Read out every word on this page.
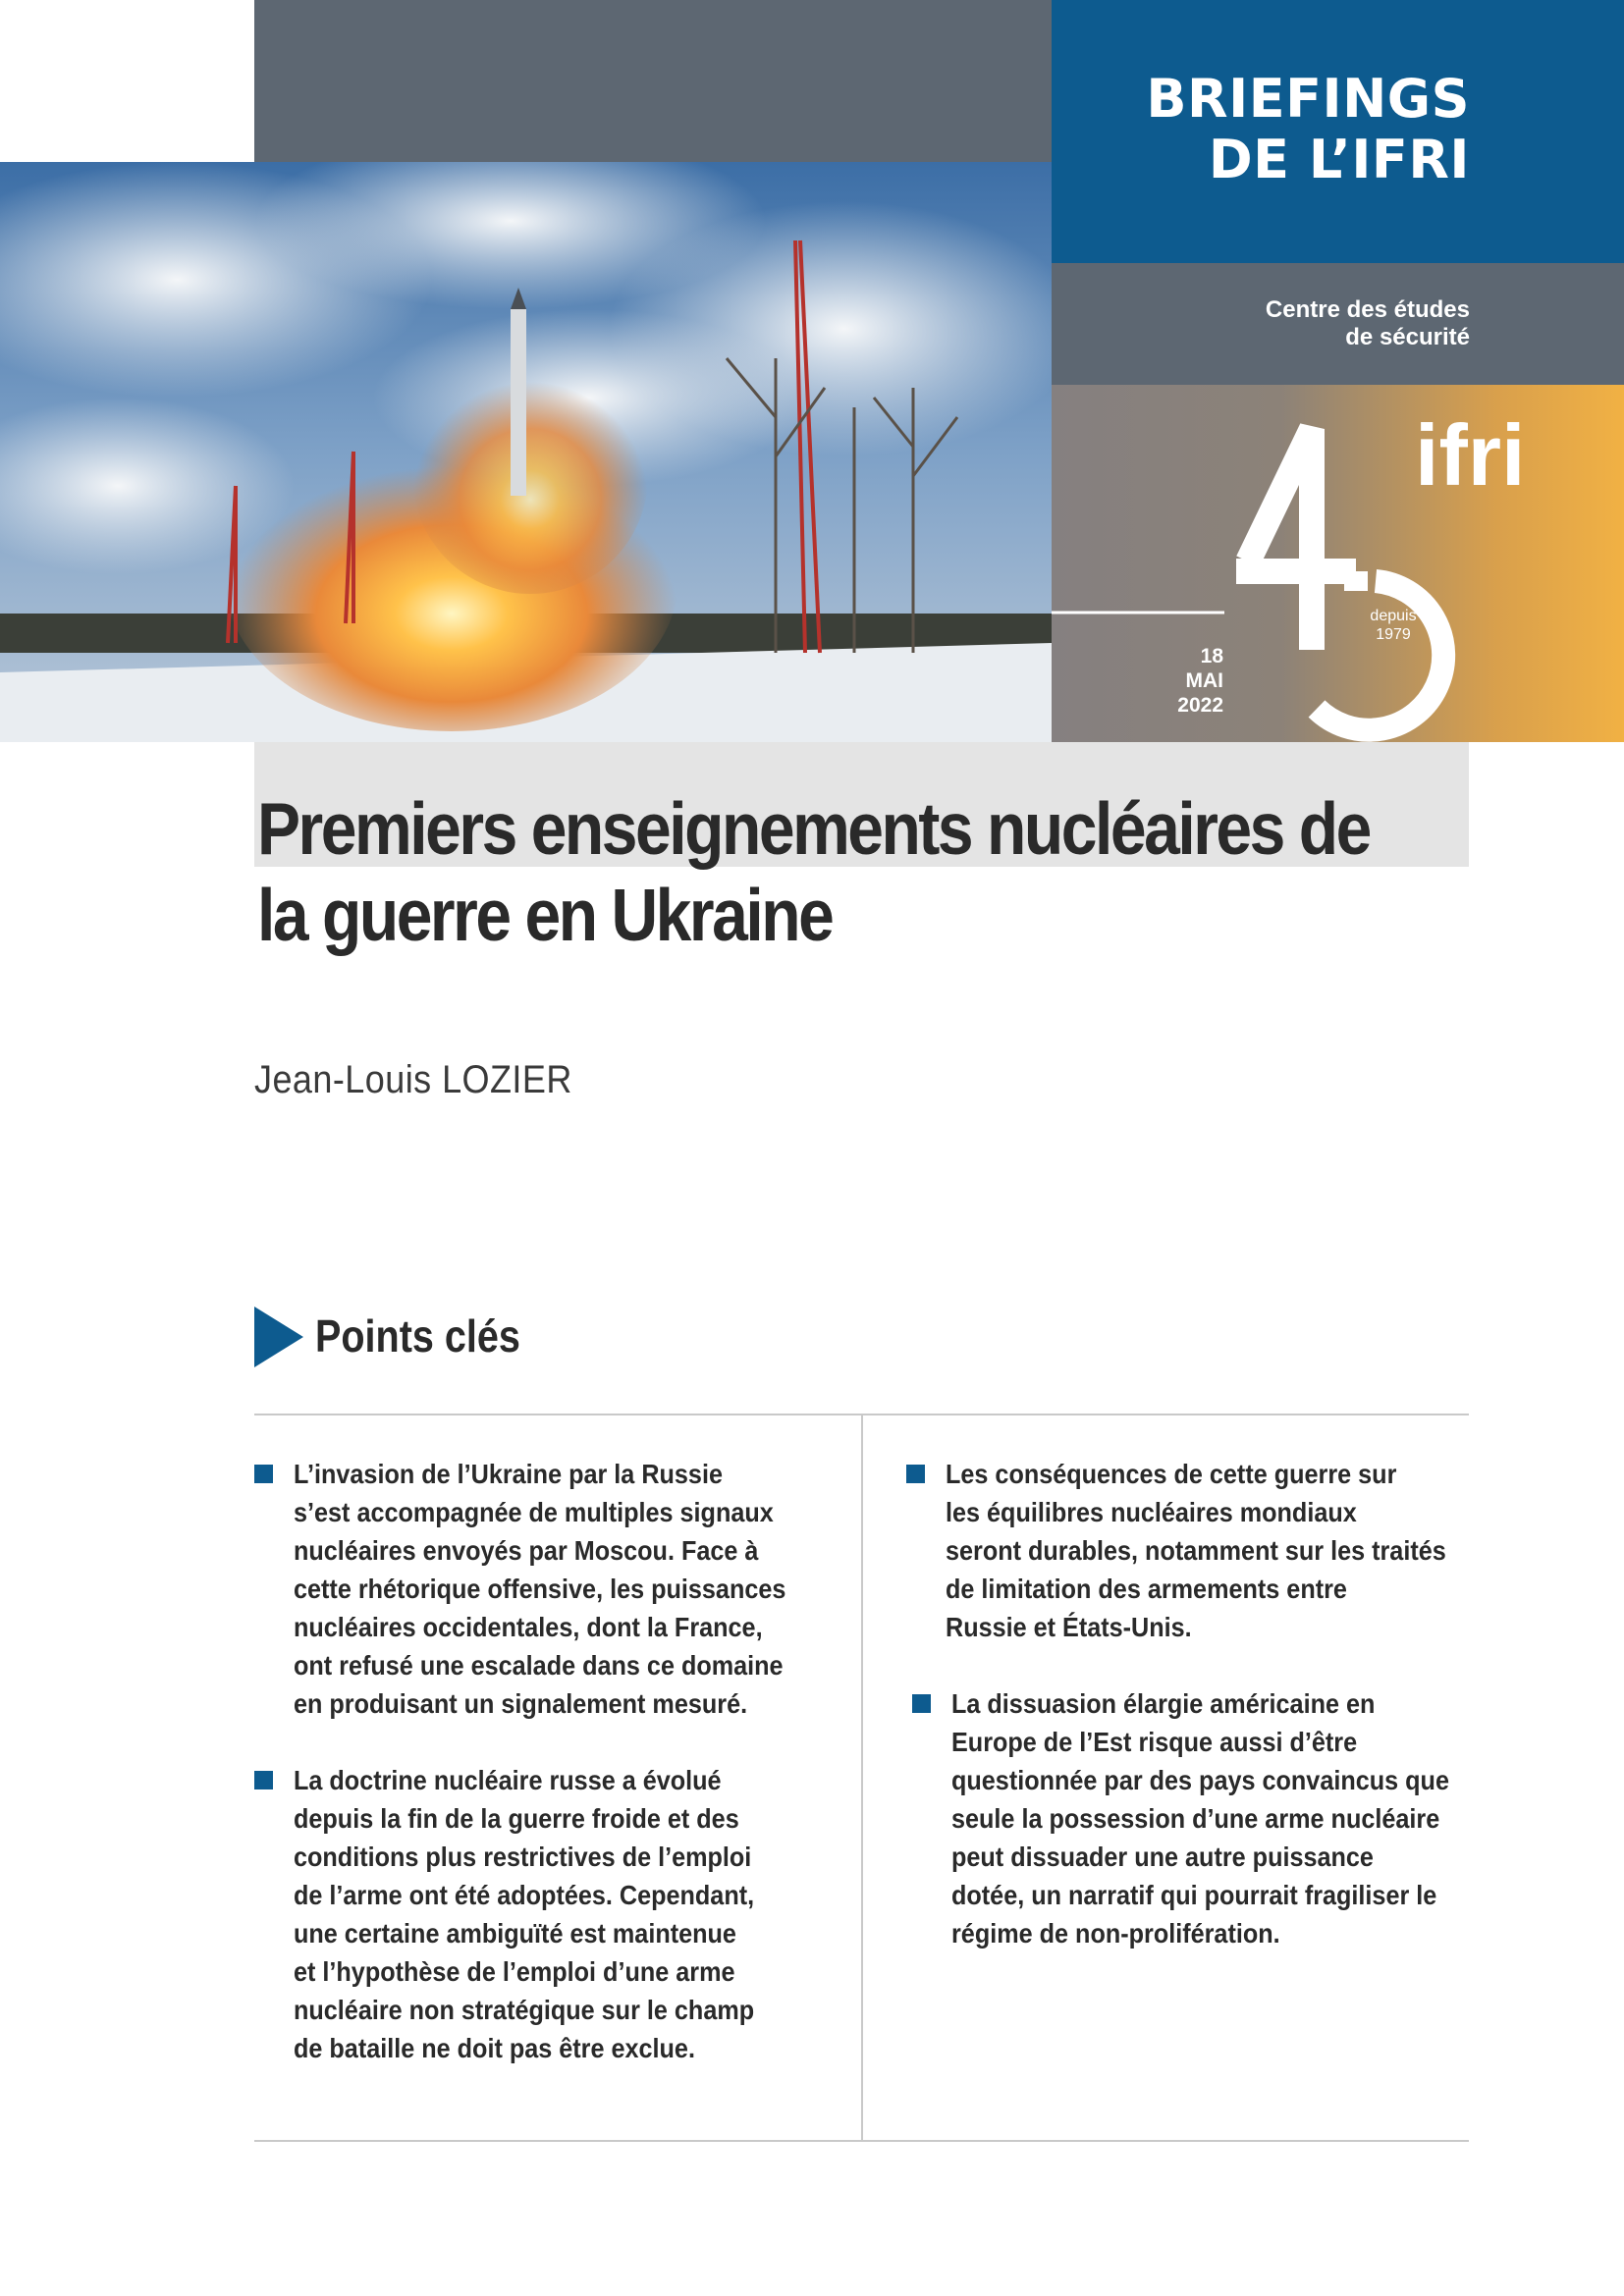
BRIEFINGS
DE L’IFRI
Centre des études
de sécurité
ifri
depuis
1979
18
MAI
2022
Premiers enseignements nucléaires de la guerre en Ukraine
Jean-Louis LOZIER
Points clés
L’invasion de l’Ukraine par la Russie
s’est accompagnée de multiples signaux
nucléaires envoyés par Moscou. Face à
cette rhétorique offensive, les puissances
nucléaires occidentales, dont la France,
ont refusé une escalade dans ce domaine
en produisant un signalement mesuré.
La doctrine nucléaire russe a évolué
depuis la fin de la guerre froide et des
conditions plus restrictives de l’emploi
de l’arme ont été adoptées. Cependant,
une certaine ambiguïté est maintenue
et l’hypothèse de l’emploi d’une arme
nucléaire non stratégique sur le champ
de bataille ne doit pas être exclue.
Les conséquences de cette guerre sur
les équilibres nucléaires mondiaux
seront durables, notamment sur les traités
de limitation des armements entre
Russie et États-Unis.
La dissuasion élargie américaine en
Europe de l’Est risque aussi d’être
questionnée par des pays convaincus que
seule la possession d’une arme nucléaire
peut dissuader une autre puissance
dotée, un narratif qui pourrait fragiliser le
régime de non-prolifération.
